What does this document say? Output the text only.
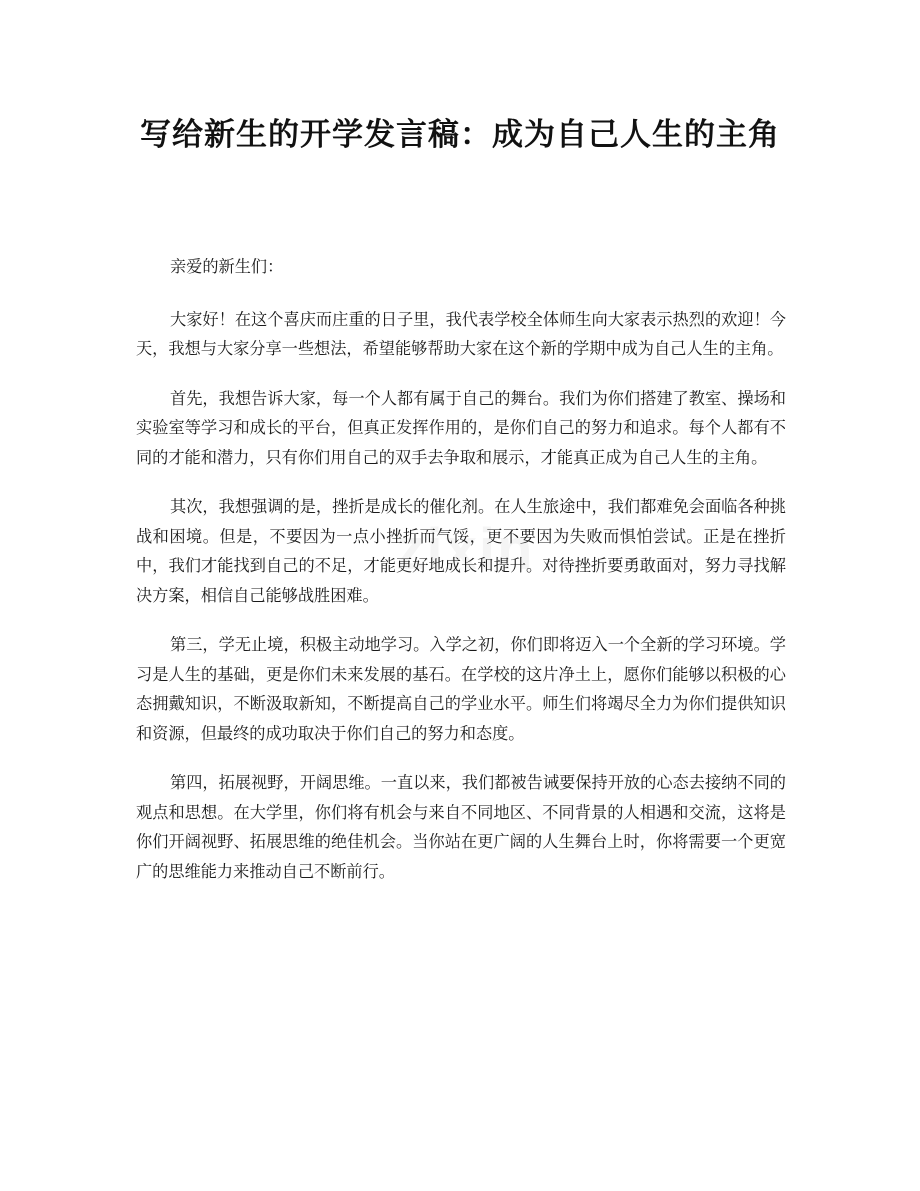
写给新生的开学发言稿：成为自己人生的主角
zixin

亲爱的新生们：

大家好！在这个喜庆而庄重的日子里，我代表学校全体师生向大家表示热烈的欢迎！今天，我想与大家分享一些想法，希望能够帮助大家在这个新的学期中成为自己人生的主角。

首先，我想告诉大家，每一个人都有属于自己的舞台。我们为你们搭建了教室、操场和实验室等学习和成长的平台，但真正发挥作用的，是你们自己的努力和追求。每个人都有不同的才能和潜力，只有你们用自己的双手去争取和展示，才能真正成为自己人生的主角。

其次，我想强调的是，挫折是成长的催化剂。在人生旅途中，我们都难免会面临各种挑战和困境。但是，不要因为一点小挫折而气馁，更不要因为失败而惧怕尝试。正是在挫折中，我们才能找到自己的不足，才能更好地成长和提升。对待挫折要勇敢面对，努力寻找解决方案，相信自己能够战胜困难。

第三，学无止境，积极主动地学习。入学之初，你们即将迈入一个全新的学习环境。学习是人生的基础，更是你们未来发展的基石。在学校的这片净土上，愿你们能够以积极的心态拥戴知识，不断汲取新知，不断提高自己的学业水平。师生们将竭尽全力为你们提供知识和资源，但最终的成功取决于你们自己的努力和态度。

第四，拓展视野，开阔思维。一直以来，我们都被告诫要保持开放的心态去接纳不同的观点和思想。在大学里，你们将有机会与来自不同地区、不同背景的人相遇和交流，这将是你们开阔视野、拓展思维的绝佳机会。当你站在更广阔的人生舞台上时，你将需要一个更宽广的思维能力来推动自己不断前行。
